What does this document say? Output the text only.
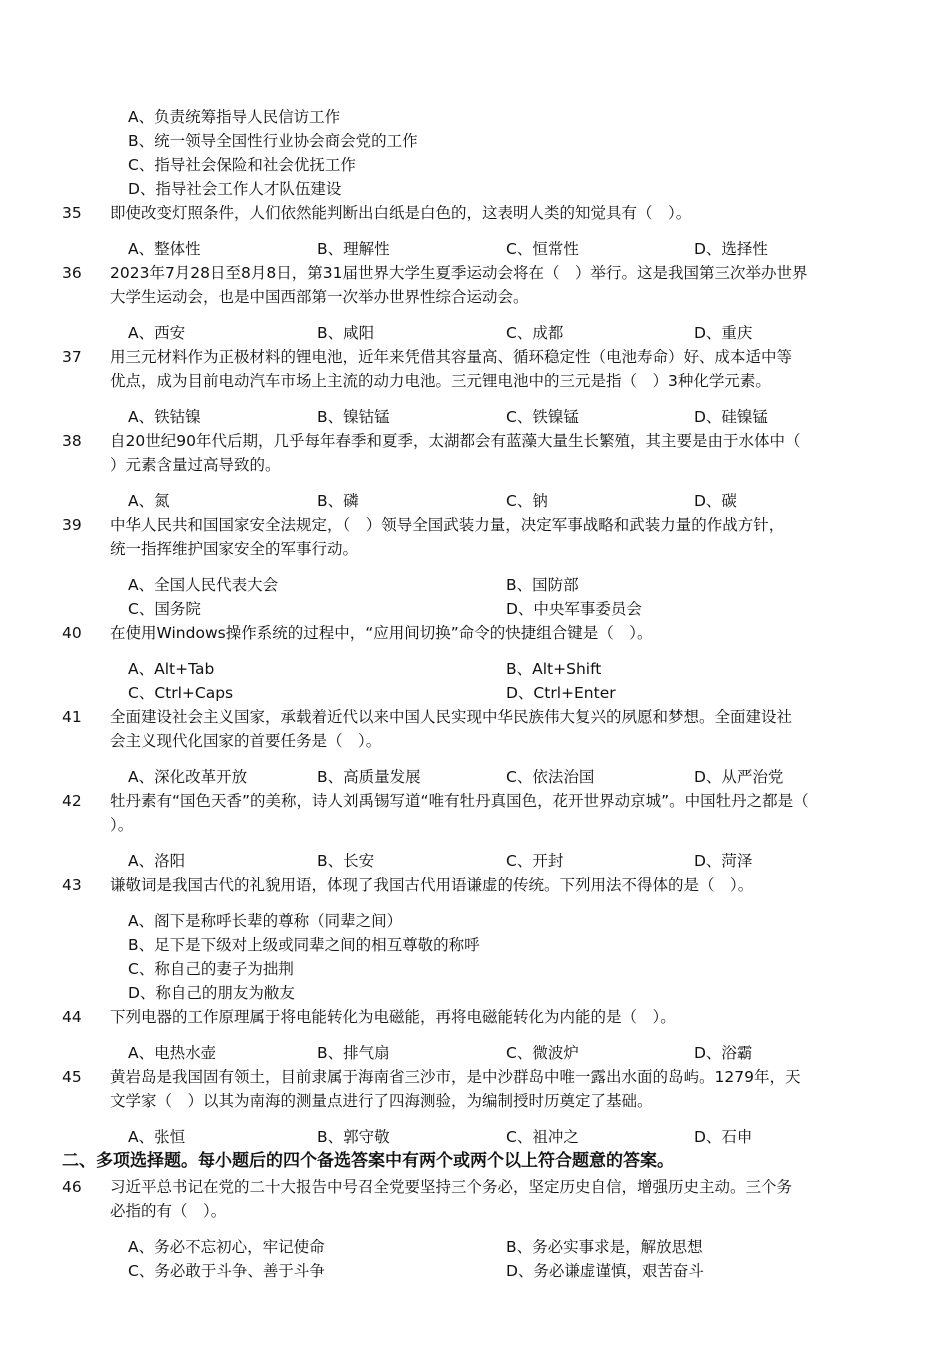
A、负责统筹指导人民信访工作
B、统一领导全国性行业协会商会党的工作
C、指导社会保险和社会优抚工作
D、指导社会工作人才队伍建设
35 即使改变灯照条件，人们依然能判断出白纸是白色的，这表明人类的知觉具有（　）。
A、整体性	B、理解性	C、恒常性	D、选择性
36 2023年7月28日至8月8日，第31届世界大学生夏季运动会将在（　）举行。这是我国第三次举办世界
大学生运动会，也是中国西部第一次举办世界性综合运动会。
A、西安	B、咸阳	C、成都	D、重庆
37 用三元材料作为正极材料的锂电池，近年来凭借其容量高、循环稳定性（电池寿命）好、成本适中等
优点，成为目前电动汽车市场上主流的动力电池。三元锂电池中的三元是指（　）3种化学元素。
A、铁钴镍	B、镍钴锰	C、铁镍锰	D、硅镍锰
38 自20世纪90年代后期，几乎每年春季和夏季，太湖都会有蓝藻大量生长繁殖，其主要是由于水体中（
）元素含量过高导致的。
A、氮	B、磷	C、钠	D、碳
39 中华人民共和国国家安全法规定，（　）领导全国武装力量，决定军事战略和武装力量的作战方针，
统一指挥维护国家安全的军事行动。
A、全国人民代表大会	B、国防部
C、国务院	D、中央军事委员会
40 在使用Windows操作系统的过程中，“应用间切换”命令的快捷组合键是（　）。
A、Alt+Tab	B、Alt+Shift
C、Ctrl+Caps	D、Ctrl+Enter
41 全面建设社会主义国家，承载着近代以来中国人民实现中华民族伟大复兴的夙愿和梦想。全面建设社
会主义现代化国家的首要任务是（　）。
A、深化改革开放	B、高质量发展	C、依法治国	D、从严治党
42 牡丹素有“国色天香”的美称，诗人刘禹锡写道“唯有牡丹真国色，花开世界动京城”。中国牡丹之都是（
）。
A、洛阳	B、长安	C、开封	D、菏泽
43 谦敬词是我国古代的礼貌用语，体现了我国古代用语谦虚的传统。下列用法不得体的是（　）。
A、阁下是称呼长辈的尊称（同辈之间）
B、足下是下级对上级或同辈之间的相互尊敬的称呼
C、称自己的妻子为拙荆
D、称自己的朋友为敝友
44 下列电器的工作原理属于将电能转化为电磁能，再将电磁能转化为内能的是（　）。
A、电热水壶	B、排气扇	C、微波炉	D、浴霸
45 黄岩岛是我国固有领土，目前隶属于海南省三沙市，是中沙群岛中唯一露出水面的岛屿。1279年，天
文学家（　）以其为南海的测量点进行了四海测验，为编制授时历奠定了基础。
A、张恒	B、郭守敬	C、祖冲之	D、石申
二、多项选择题。每小题后的四个备选答案中有两个或两个以上符合题意的答案。
46 习近平总书记在党的二十大报告中号召全党要坚持三个务必，坚定历史自信，增强历史主动。三个务
必指的有（　）。
A、务必不忘初心，牢记使命	B、务必实事求是，解放思想
C、务必敢于斗争、善于斗争	D、务必谦虚谨慎，艰苦奋斗
